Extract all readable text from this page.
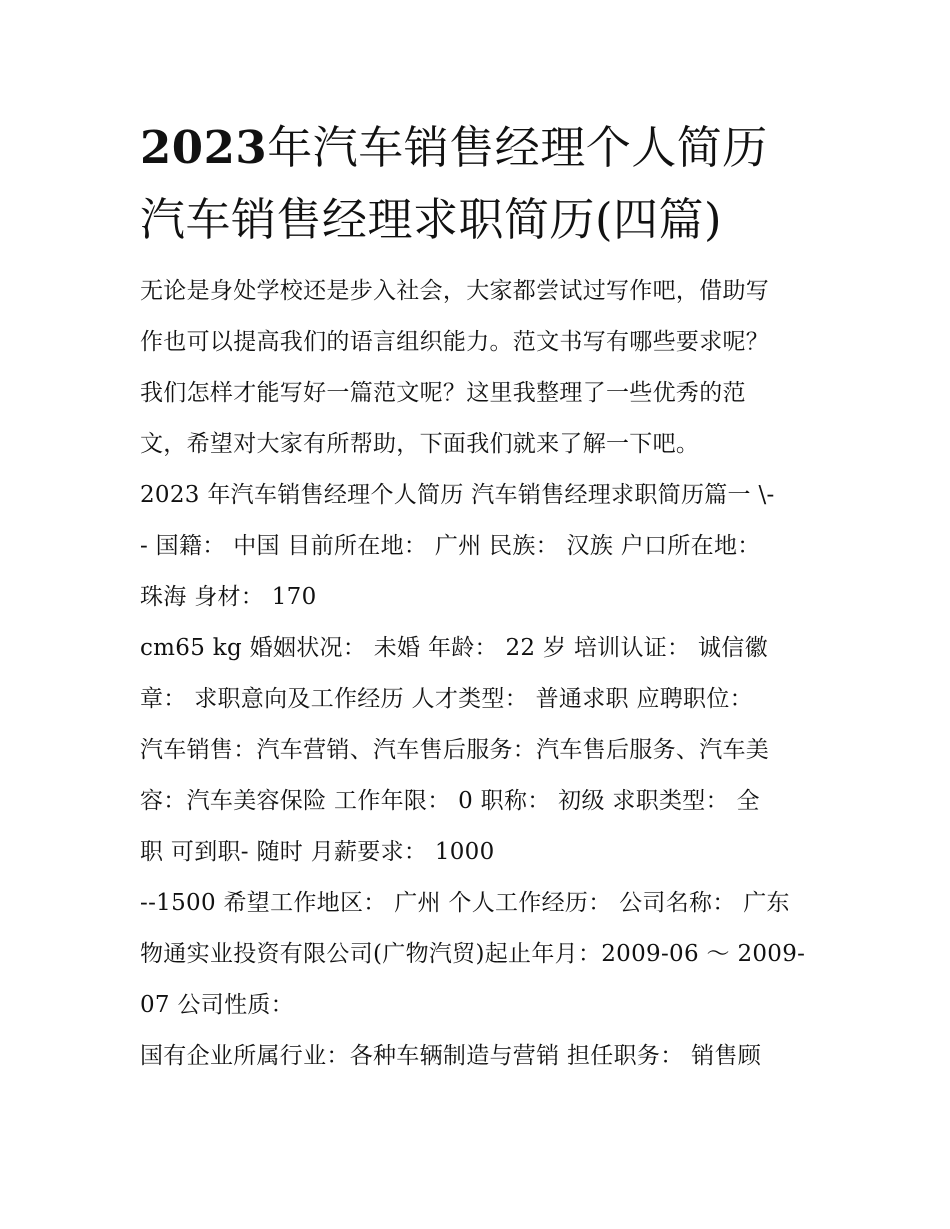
2023年汽车销售经理个人简历
汽车销售经理求职简历(四篇)

无论是身处学校还是步入社会，大家都尝试过写作吧，借助写
作也可以提高我们的语言组织能力。范文书写有哪些要求呢？
我们怎样才能写好一篇范文呢？这里我整理了一些优秀的范
文，希望对大家有所帮助，下面我们就来了解一下吧。

2023 年汽车销售经理个人简历 汽车销售经理求职简历篇一 \-
- 国籍： 中国 目前所在地： 广州 民族： 汉族 户口所在地：
珠海 身材： 170
cm65 kg 婚姻状况： 未婚 年龄： 22 岁 培训认证： 诚信徽
章： 求职意向及工作经历 人才类型： 普通求职 应聘职位：
汽车销售：汽车营销、汽车售后服务：汽车售后服务、汽车美
容：汽车美容保险 工作年限： 0 职称： 初级 求职类型： 全
职 可到职- 随时 月薪要求： 1000
--1500 希望工作地区： 广州 个人工作经历： 公司名称： 广东
物通实业投资有限公司(广物汽贸)起止年月：2009-06 ～ 2009-
07 公司性质：
国有企业所属行业：各种车辆制造与营销 担任职务： 销售顾
